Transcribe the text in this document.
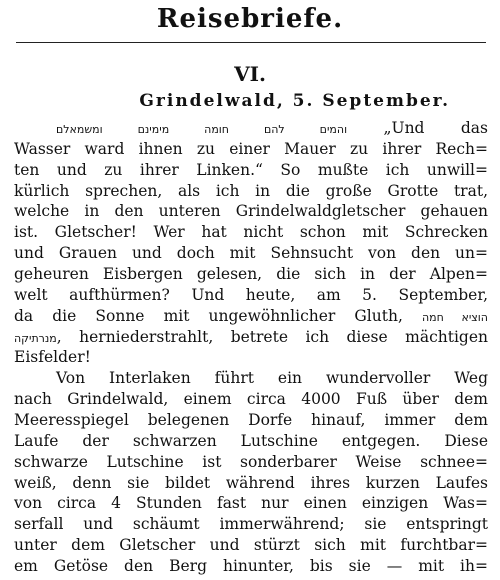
Reisebriefe.
VI.
Grindelwald, 5. September.
והמים להם חומה מימינם ומשמאלם „Und das
Wasser ward ihnen zu einer Mauer zu ihrer Rech=
ten und zu ihrer Linken.“ So mußte ich unwill=
kürlich sprechen, als ich in die große Grotte trat,
welche in den unteren Grindelwaldgletscher gehauen
ist. Gletscher! Wer hat nicht schon mit Schrecken
und Grauen und doch mit Sehnsucht von den un=
geheuren Eisbergen gelesen, die sich in der Alpen=
welt aufthürmen? Und heute, am 5. September,
da die Sonne mit ungewöhnlicher Gluth, הוציא חמה
מנרתיקה, herniederstrahlt, betrete ich diese mächtigen
Eisfelder!
Von Interlaken führt ein wundervoller Weg
nach Grindelwald, einem circa 4000 Fuß über dem
Meeresspiegel belegenen Dorfe hinauf, immer dem
Laufe der schwarzen Lutschine entgegen. Diese
schwarze Lutschine ist sonderbarer Weise schnee=
weiß, denn sie bildet während ihres kurzen Laufes
von circa 4 Stunden fast nur einen einzigen Was=
serfall und schäumt immerwährend; sie entspringt
unter dem Gletscher und stürzt sich mit furchtbar=
em Getöse den Berg hinunter, bis sie — mit ih=
